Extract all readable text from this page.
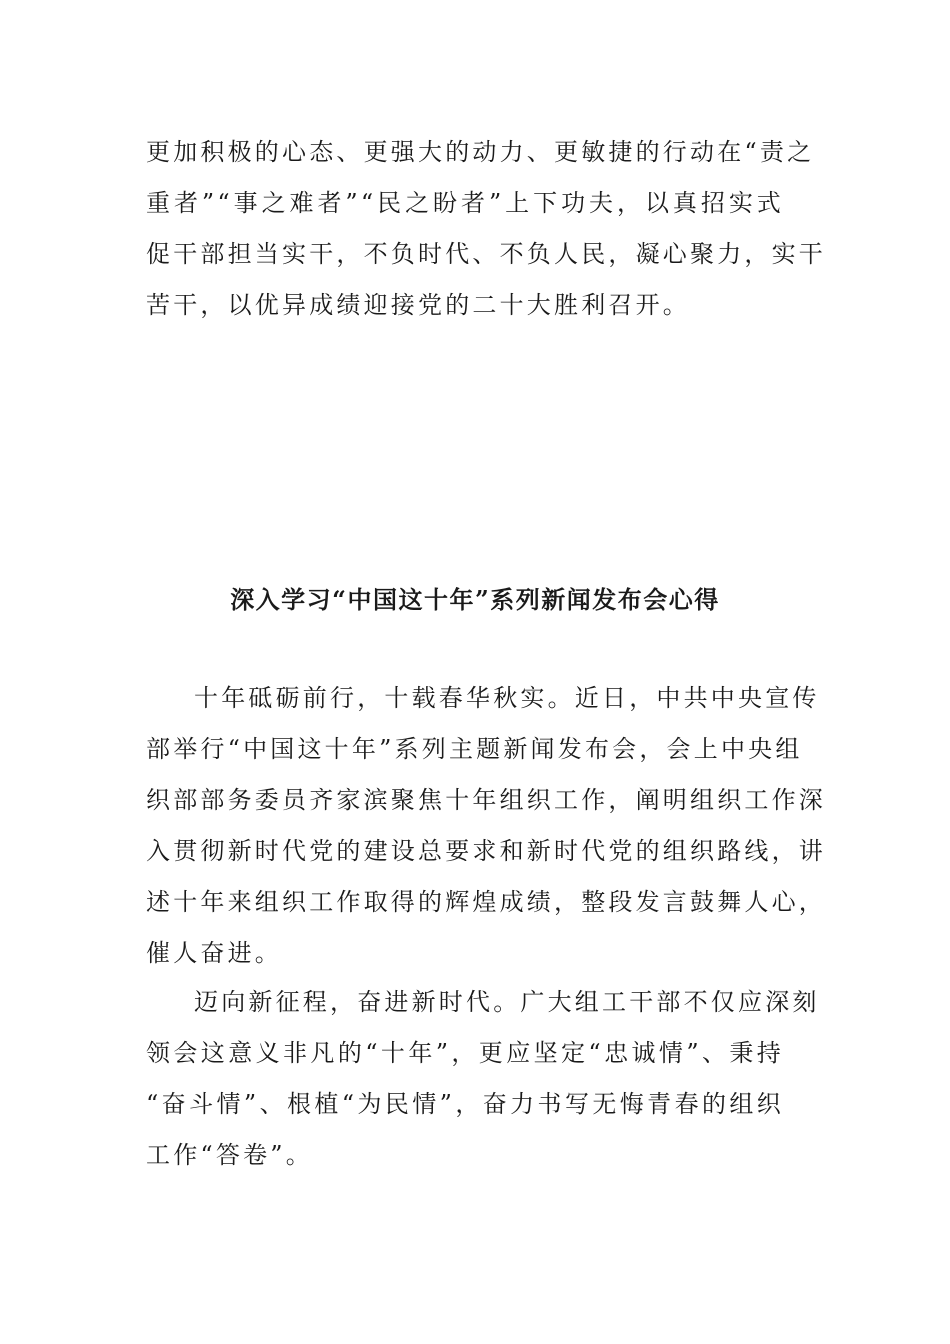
更加积极的心态、更强大的动力、更敏捷的行动在“责之
重者”“事之难者”“民之盼者”上下功夫，以真招实式
促干部担当实干，不负时代、不负人民，凝心聚力，实干
苦干，以优异成绩迎接党的二十大胜利召开。
深入学习“中国这十年”系列新闻发布会心得
十年砥砺前行，十载春华秋实。近日，中共中央宣传
部举行“中国这十年”系列主题新闻发布会，会上中央组
织部部务委员齐家滨聚焦十年组织工作，阐明组织工作深
入贯彻新时代党的建设总要求和新时代党的组织路线，讲
述十年来组织工作取得的辉煌成绩，整段发言鼓舞人心，
催人奋进。
迈向新征程，奋进新时代。广大组工干部不仅应深刻
领会这意义非凡的“十年”，更应坚定“忠诚情”、秉持
“奋斗情”、根植“为民情”，奋力书写无悔青春的组织
工作“答卷”。
